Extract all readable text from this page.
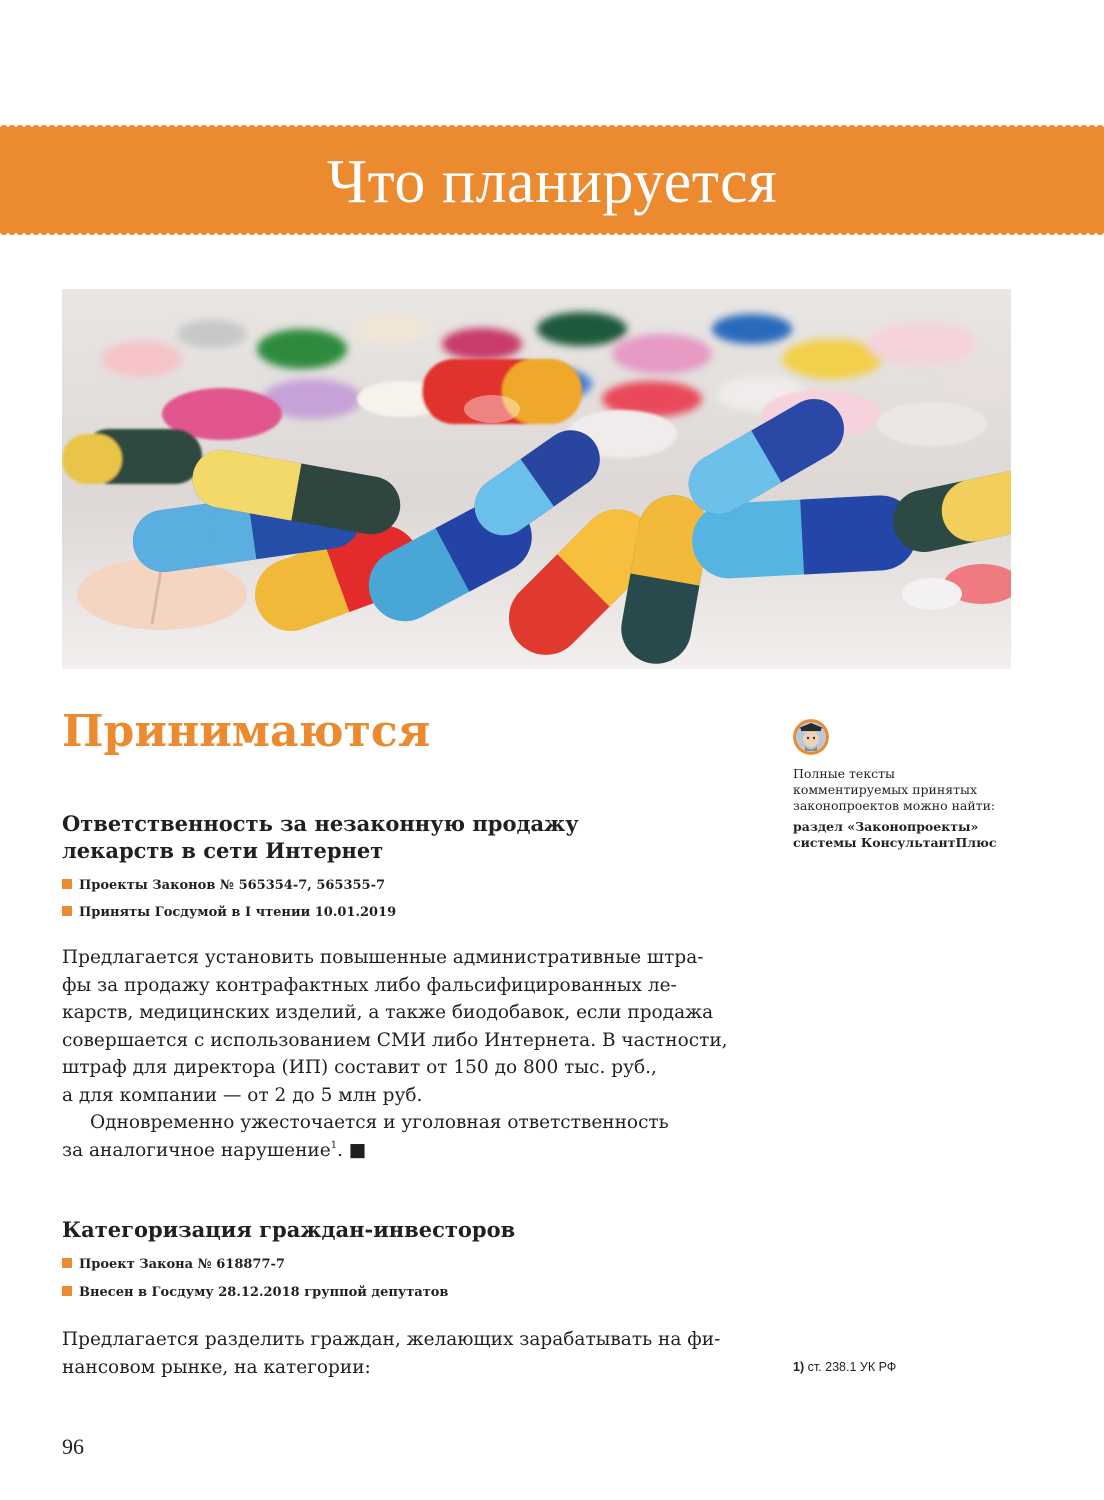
Что планируется
Принимаются
Ответственность за незаконную продажу
лекарств в сети Интернет
Проекты Законов № 565354-7, 565355-7
Приняты Госдумой в I чтении 10.01.2019
Предлагается установить повышенные административные штра-
фы за продажу контрафактных либо фальсифицированных ле-
карств, медицинских изделий, а также биодобавок, если продажа
совершается с использованием СМИ либо Интернета. В частности,
штраф для директора (ИП) составит от 150 до 800 тыс. руб.,
а для компании — от 2 до 5 млн руб.
Одновременно ужесточается и уголовная ответственность
за аналогичное нарушение$^1$. ■
Категоризация граждан-инвесторов
Проект Закона № 618877-7
Внесен в Госдуму 28.12.2018 группой депутатов
Предлагается разделить граждан, желающих зарабатывать на фи-
нансовом рынке, на категории:
Полные тексты
комментируемых принятых
законопроектов можно найти:
раздел «Законопроекты»
системы КонсультантПлюс
1) ст. 238.1 УК РФ
96
